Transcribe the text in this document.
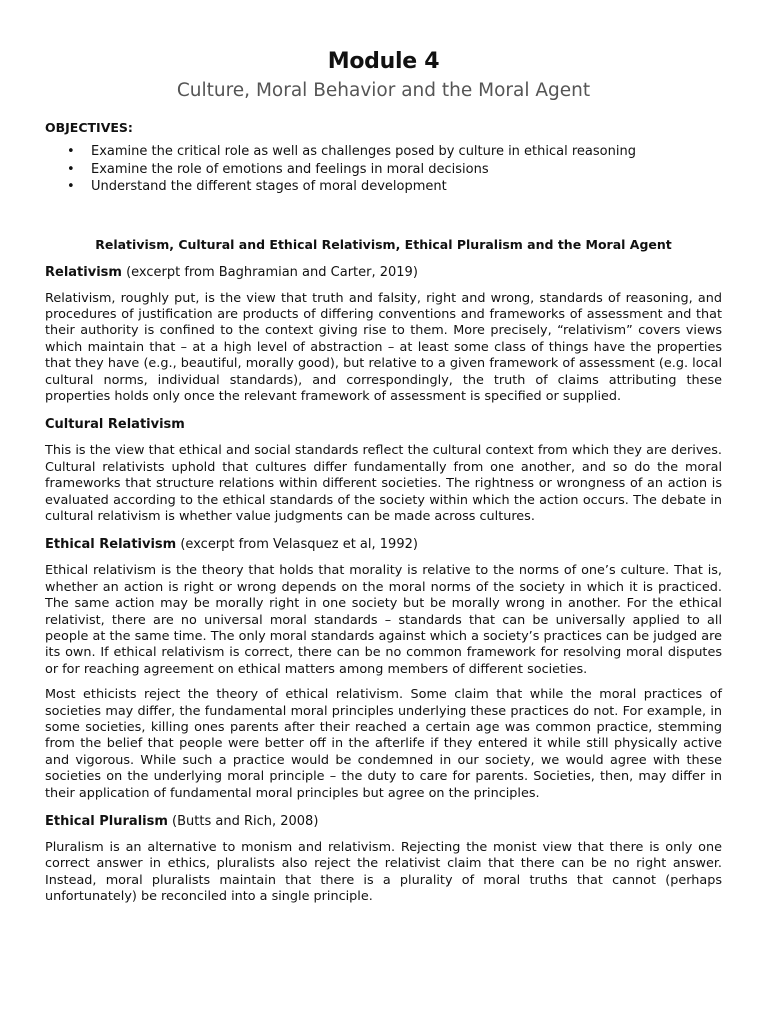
Module 4
Culture, Moral Behavior and the Moral Agent
OBJECTIVES:
• Examine the critical role as well as challenges posed by culture in ethical reasoning
• Examine the role of emotions and feelings in moral decisions
• Understand the different stages of moral development
Relativism, Cultural and Ethical Relativism, Ethical Pluralism and the Moral Agent
Relativism (excerpt from Baghramian and Carter, 2019)

Relativism, roughly put, is the view that truth and falsity, right and wrong, standards of reasoning, and procedures of justification are products of differing conventions and frameworks of assessment and that their authority is confined to the context giving rise to them. More precisely, “relativism” covers views which maintain that – at a high level of abstraction – at least some class of things have the properties that they have (e.g., beautiful, morally good), but relative to a given framework of assessment (e.g. local cultural norms, individual standards), and correspondingly, the truth of claims attributing these properties holds only once the relevant framework of assessment is specified or supplied.

Cultural Relativism

This is the view that ethical and social standards reflect the cultural context from which they are derives. Cultural relativists uphold that cultures differ fundamentally from one another, and so do the moral frameworks that structure relations within different societies. The rightness or wrongness of an action is evaluated according to the ethical standards of the society within which the action occurs. The debate in cultural relativism is whether value judgments can be made across cultures.

Ethical Relativism (excerpt from Velasquez et al, 1992)

Ethical relativism is the theory that holds that morality is relative to the norms of one’s culture. That is, whether an action is right or wrong depends on the moral norms of the society in which it is practiced. The same action may be morally right in one society but be morally wrong in another. For the ethical relativist, there are no universal moral standards – standards that can be universally applied to all people at the same time. The only moral standards against which a society’s practices can be judged are its own. If ethical relativism is correct, there can be no common framework for resolving moral disputes or for reaching agreement on ethical matters among members of different societies.

Most ethicists reject the theory of ethical relativism. Some claim that while the moral practices of societies may differ, the fundamental moral principles underlying these practices do not. For example, in some societies, killing ones parents after their reached a certain age was common practice, stemming from the belief that people were better off in the afterlife if they entered it while still physically active and vigorous. While such a practice would be condemned in our society, we would agree with these societies on the underlying moral principle – the duty to care for parents. Societies, then, may differ in their application of fundamental moral principles but agree on the principles.

Ethical Pluralism (Butts and Rich, 2008)

Pluralism is an alternative to monism and relativism. Rejecting the monist view that there is only one correct answer in ethics, pluralists also reject the relativist claim that there can be no right answer. Instead, moral pluralists maintain that there is a plurality of moral truths that cannot (perhaps unfortunately) be reconciled into a single principle.
